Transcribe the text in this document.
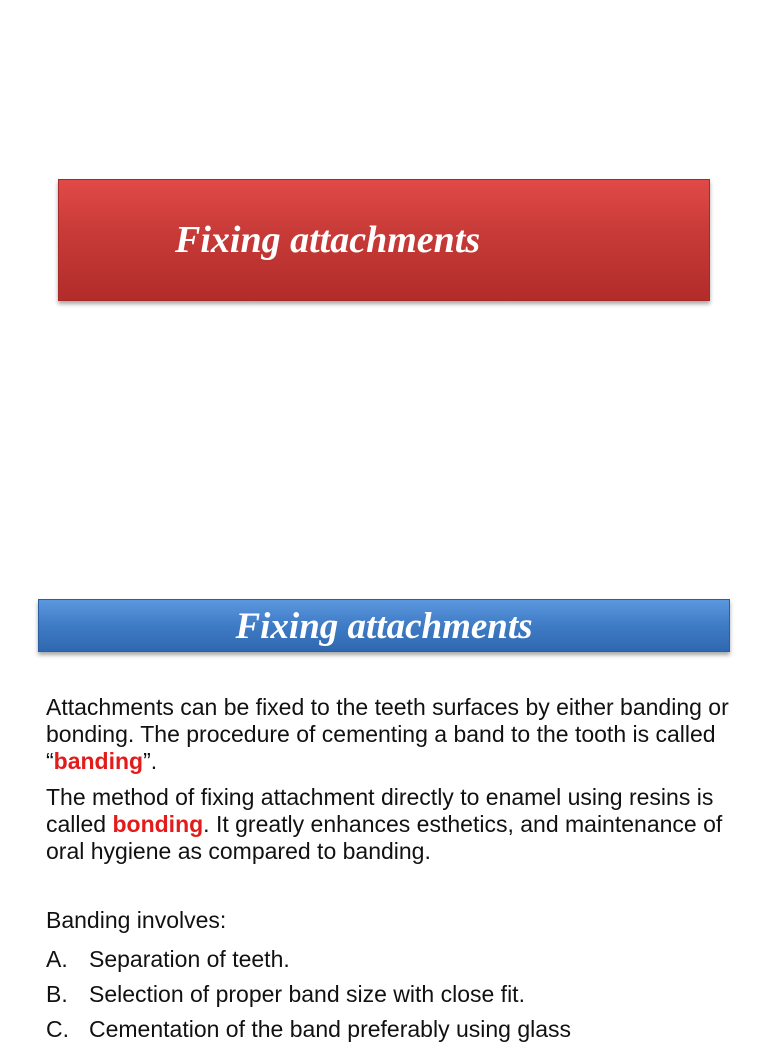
Fixing attachments
Fixing attachments
Attachments can be fixed to the teeth surfaces by either banding or bonding. The procedure of cementing a band to the tooth is called “banding”.
The method of fixing attachment directly to enamel using resins is called bonding. It greatly enhances esthetics, and maintenance of oral hygiene as compared to banding.
Banding involves:
A. Separation of teeth.
B. Selection of proper band size with close fit.
C. Cementation of the band preferably using glass
